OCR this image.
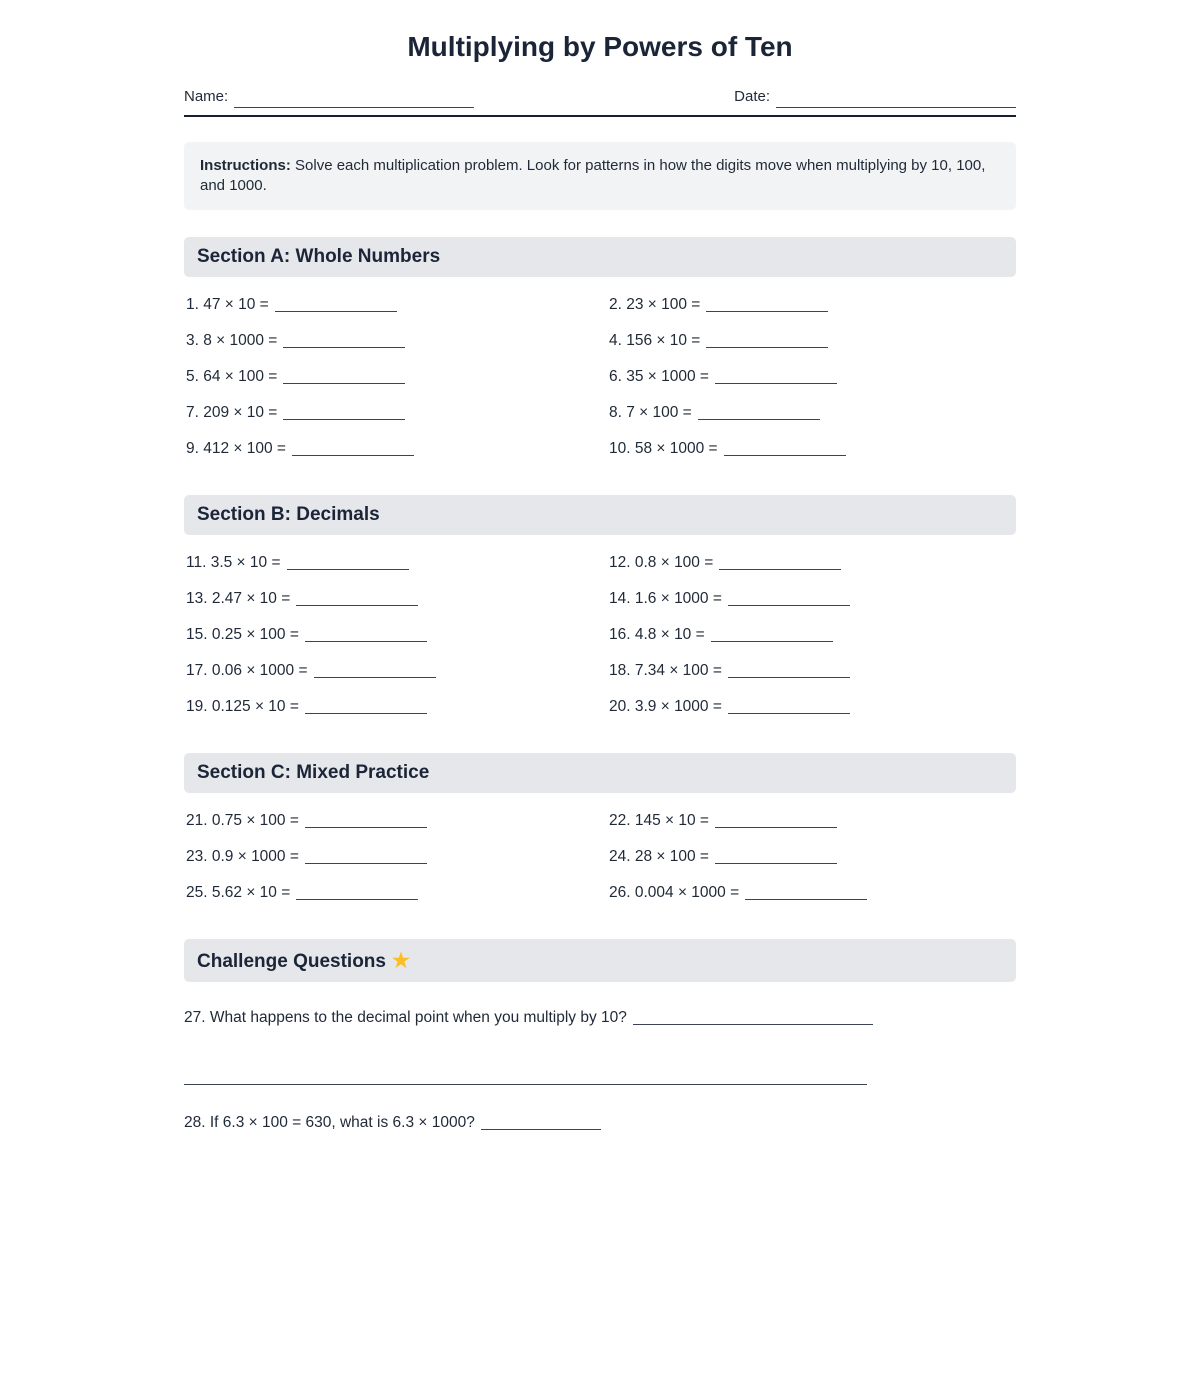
Multiplying by Powers of Ten
Name:	Date:
Instructions: Solve each multiplication problem. Look for patterns in how the digits move when multiplying by 10, 100, and 1000.
Section A: Whole Numbers
1. 47 × 10 =	2. 23 × 100 =
3. 8 × 1000 =	4. 156 × 10 =
5. 64 × 100 =	6. 35 × 1000 =
7. 209 × 10 =	8. 7 × 100 =
9. 412 × 100 =	10. 58 × 1000 =
Section B: Decimals
11. 3.5 × 10 =	12. 0.8 × 100 =
13. 2.47 × 10 =	14. 1.6 × 1000 =
15. 0.25 × 100 =	16. 4.8 × 10 =
17. 0.06 × 1000 =	18. 7.34 × 100 =
19. 0.125 × 10 =	20. 3.9 × 1000 =
Section C: Mixed Practice
21. 0.75 × 100 =	22. 145 × 10 =
23. 0.9 × 1000 =	24. 28 × 100 =
25. 5.62 × 10 =	26. 0.004 × 1000 =
Challenge Questions ★
27. What happens to the decimal point when you multiply by 10?
28. If 6.3 × 100 = 630, what is 6.3 × 1000?
